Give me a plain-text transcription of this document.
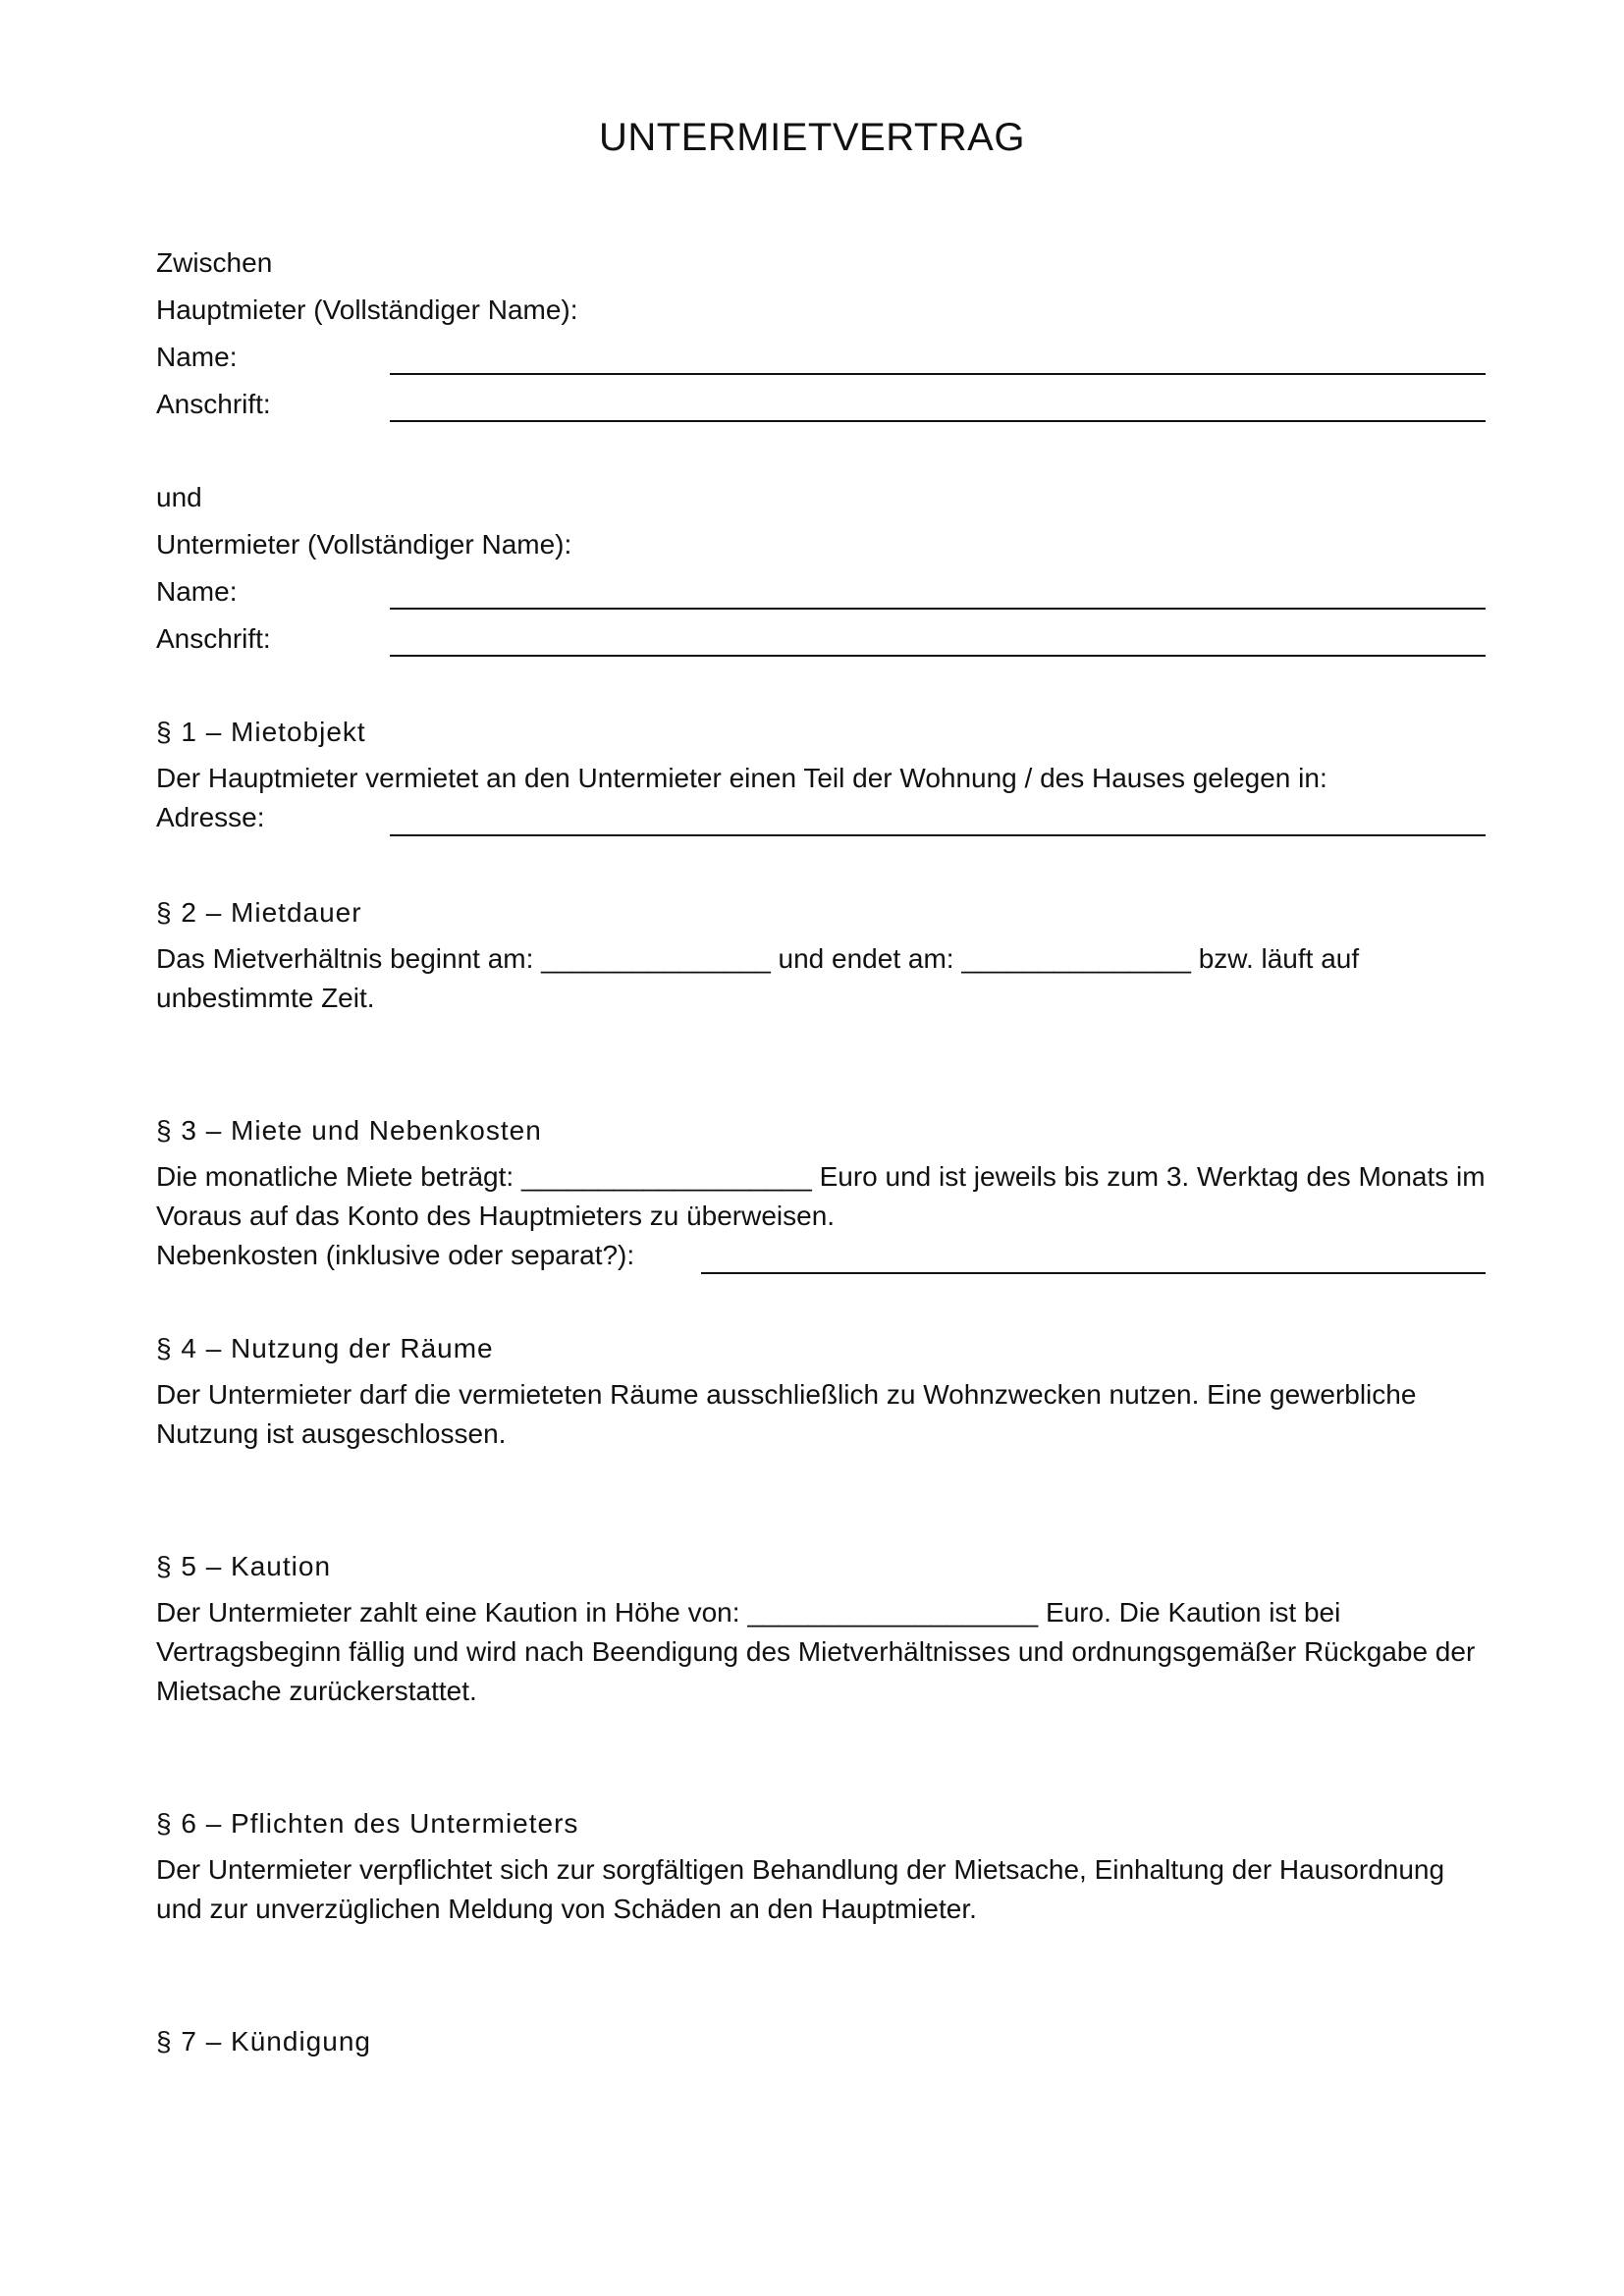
UNTERMIETVERTRAG
Zwischen
Hauptmieter (Vollständiger Name):
Name:
Anschrift:
und
Untermieter (Vollständiger Name):
Name:
Anschrift:
§ 1 – Mietobjekt
Der Hauptmieter vermietet an den Untermieter einen Teil der Wohnung / des Hauses gelegen in:
Adresse:
§ 2 – Mietdauer
Das Mietverhältnis beginnt am: _______________ und endet am: _______________ bzw. läuft auf unbestimmte Zeit.
§ 3 – Miete und Nebenkosten
Die monatliche Miete beträgt: ___________________ Euro und ist jeweils bis zum 3. Werktag des Monats im Voraus auf das Konto des Hauptmieters zu überweisen.
Nebenkosten (inklusive oder separat?):
§ 4 – Nutzung der Räume
Der Untermieter darf die vermieteten Räume ausschließlich zu Wohnzwecken nutzen. Eine gewerbliche Nutzung ist ausgeschlossen.
§ 5 – Kaution
Der Untermieter zahlt eine Kaution in Höhe von: ___________________ Euro. Die Kaution ist bei Vertragsbeginn fällig und wird nach Beendigung des Mietverhältnisses und ordnungsgemäßer Rückgabe der Mietsache zurückerstattet.
§ 6 – Pflichten des Untermieters
Der Untermieter verpflichtet sich zur sorgfältigen Behandlung der Mietsache, Einhaltung der Hausordnung und zur unverzüglichen Meldung von Schäden an den Hauptmieter.
§ 7 – Kündigung
